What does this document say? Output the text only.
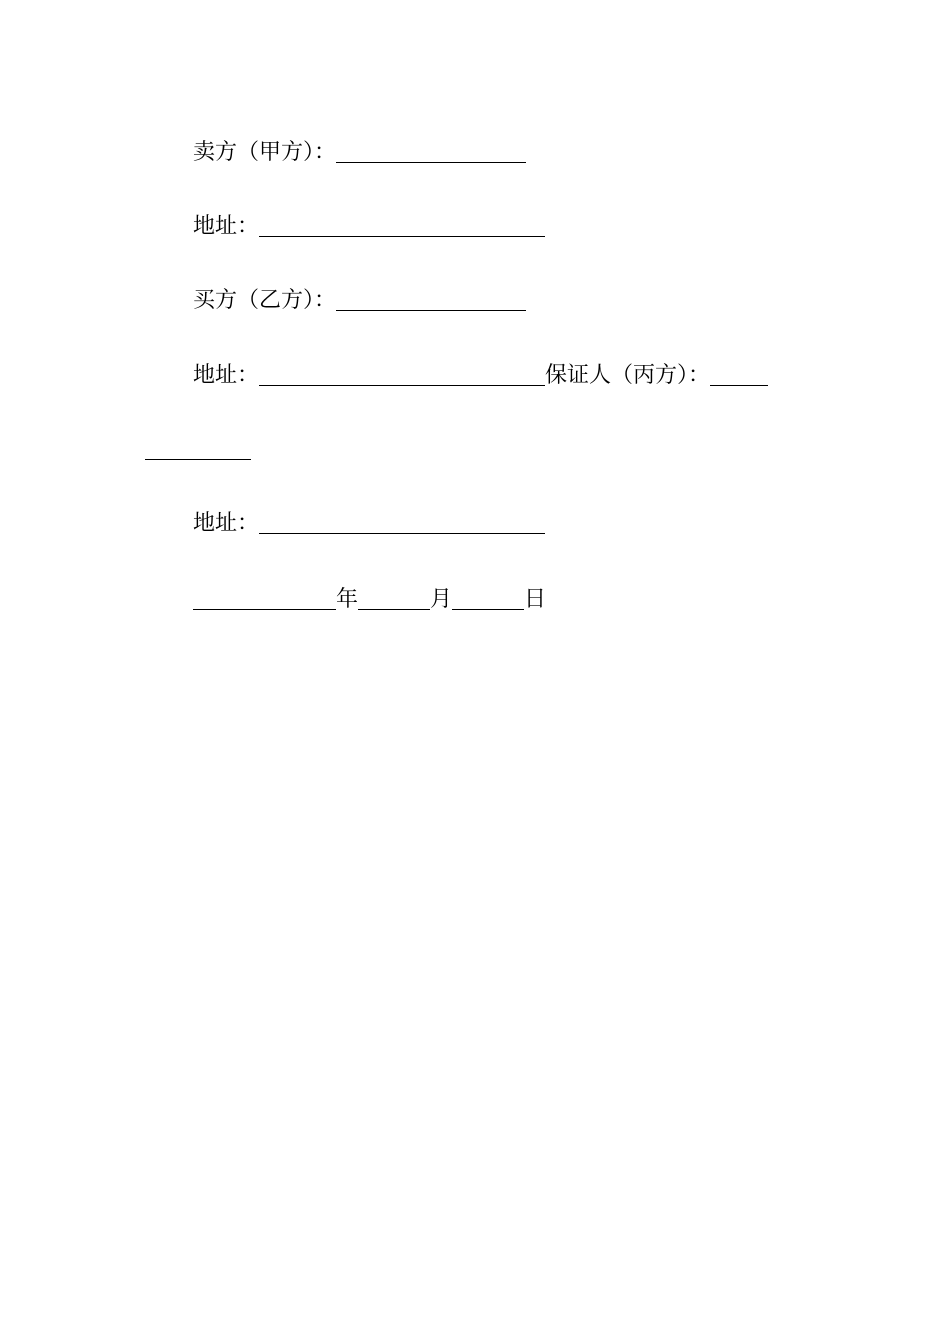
卖方（甲方）：
地址：
买方（乙方）：
地址：	保证人（丙方）：
地址：
年	月	日
